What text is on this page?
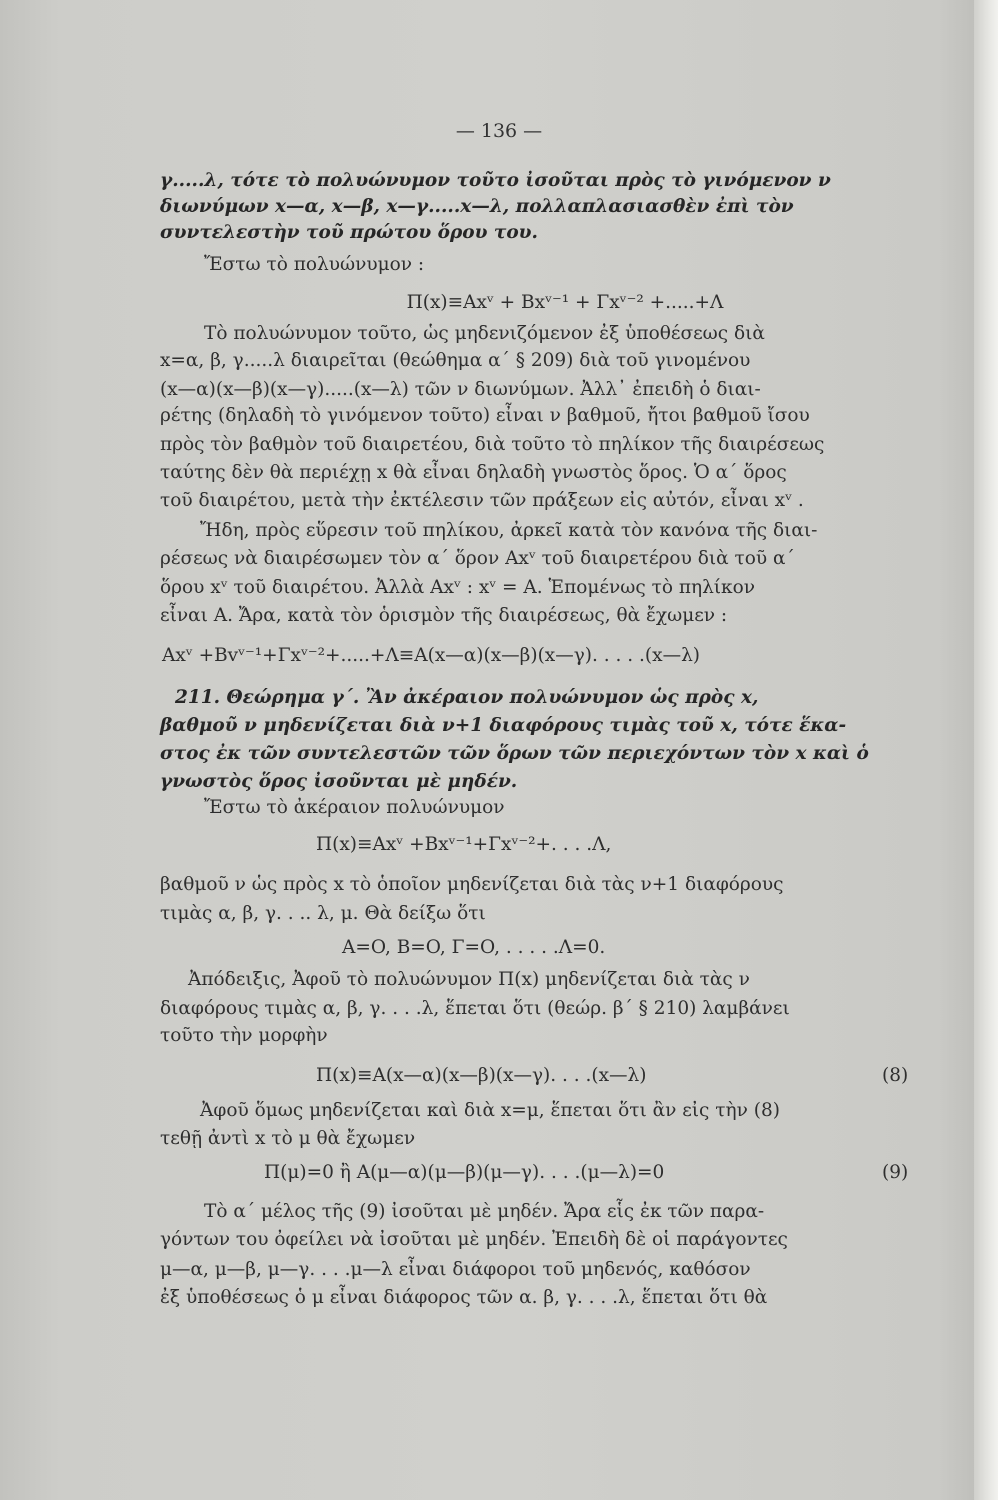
— 136 —

γ.....λ, τότε τὸ πολυώνυμον τοῦτο ἰσοῦται πρὸς τὸ γινόμενον ν

διωνύμων x—α, x—β, x—γ.....x—λ, πολλαπλασιασθὲν ἐπὶ τὸν

συντελεστὴν τοῦ πρώτου ὅρου του.

Ἔστω τὸ πολυώνυμον :

Π(x)≡Axᵛ + Bxᵛ⁻¹ + Γxᵛ⁻² +.....+Λ

Τὸ πολυώνυμον τοῦτο, ὡς μηδενιζόμενον ἐξ ὑποθέσεως διὰ

x=α, β, γ.....λ διαιρεῖται (θεώθημα α´ § 209) διὰ τοῦ γινομένου

(x—α)(x—β)(x—γ).....(x—λ) τῶν ν διωνύμων. Ἀλλ᾽ ἐπειδὴ ὁ διαι-

ρέτης (δηλαδὴ τὸ γινόμενον τοῦτο) εἶναι ν βαθμοῦ, ἤτοι βαθμοῦ ἴσου

πρὸς τὸν βαθμὸν τοῦ διαιρετέου, διὰ τοῦτο τὸ πηλίκον τῆς διαιρέσεως

ταύτης δὲν θὰ περιέχῃ x θὰ εἶναι δηλαδὴ γνωστὸς ὅρος. Ὁ α´ ὅρος

τοῦ διαιρέτου, μετὰ τὴν ἐκτέλεσιν τῶν πράξεων εἰς αὐτόν, εἶναι xᵛ .

Ἤδη, πρὸς εὕρεσιν τοῦ πηλίκου, ἀρκεῖ κατὰ τὸν κανόνα τῆς διαι-

ρέσεως νὰ διαιρέσωμεν τὸν α´ ὅρον Axᵛ τοῦ διαιρετέρου διὰ τοῦ α´

ὅρου xᵛ τοῦ διαιρέτου. Ἀλλὰ Axᵛ : xᵛ = A. Ἑπομένως τὸ πηλίκον

εἶναι A. Ἄρα, κατὰ τὸν ὁρισμὸν τῆς διαιρέσεως, θὰ ἔχωμεν :

Axᵛ +Bvᵛ⁻¹+Γxᵛ⁻²+.....+Λ≡A(x—α)(x—β)(x—γ). . . . .(x—λ)

211. Θεώρημα γ´. Ἂν ἀκέραιον πολυώνυμον ὡς πρὸς x,

βαθμοῦ ν μηδενίζεται διὰ ν+1 διαφόρους τιμὰς τοῦ x, τότε ἕκα-

στος ἐκ τῶν συντελεστῶν τῶν ὅρων τῶν περιεχόντων τὸν x καὶ ὁ

γνωστὸς ὅρος ἰσοῦνται μὲ μηδέν.

Ἔστω τὸ ἀκέραιον πολυώνυμον

Π(x)≡Axᵛ +Bxᵛ⁻¹+Γxᵛ⁻²+. . . .Λ,

βαθμοῦ ν ὡς πρὸς x τὸ ὁποῖον μηδενίζεται διὰ τὰς ν+1 διαφόρους

τιμὰς α, β, γ. . .. λ, μ. Θὰ δείξω ὅτι

A=O, B=O, Γ=O, . . . . .Λ=0.

Ἀπόδειξις, Ἀφοῦ τὸ πολυώνυμον Π(x) μηδενίζεται διὰ τὰς ν

διαφόρους τιμὰς α, β, γ. . . .λ, ἕπεται ὅτι (θεώρ. β´ § 210) λαμβάνει

τοῦτο τὴν μορφὴν

Π(x)≡A(x—α)(x—β)(x—γ). . . .(x—λ)	(8)

Ἀφοῦ ὅμως μηδενίζεται καὶ διὰ x=μ, ἕπεται ὅτι ἂν εἰς τὴν (8)

τεθῇ ἀντὶ x τὸ μ θὰ ἔχωμεν

Π(μ)=0 ἢ A(μ—α)(μ—β)(μ—γ). . . .(μ—λ)=0	(9)

Τὸ α´ μέλος τῆς (9) ἰσοῦται μὲ μηδέν. Ἄρα εἷς ἐκ τῶν παρα-

γόντων του ὀφείλει νὰ ἰσοῦται μὲ μηδέν. Ἐπειδὴ δὲ οἱ παράγοντες

μ—α, μ—β, μ—γ. . . .μ—λ εἶναι διάφοροι τοῦ μηδενός, καθόσον

ἐξ ὑποθέσεως ὁ μ εἶναι διάφορος τῶν α. β, γ. . . .λ, ἕπεται ὅτι θὰ
